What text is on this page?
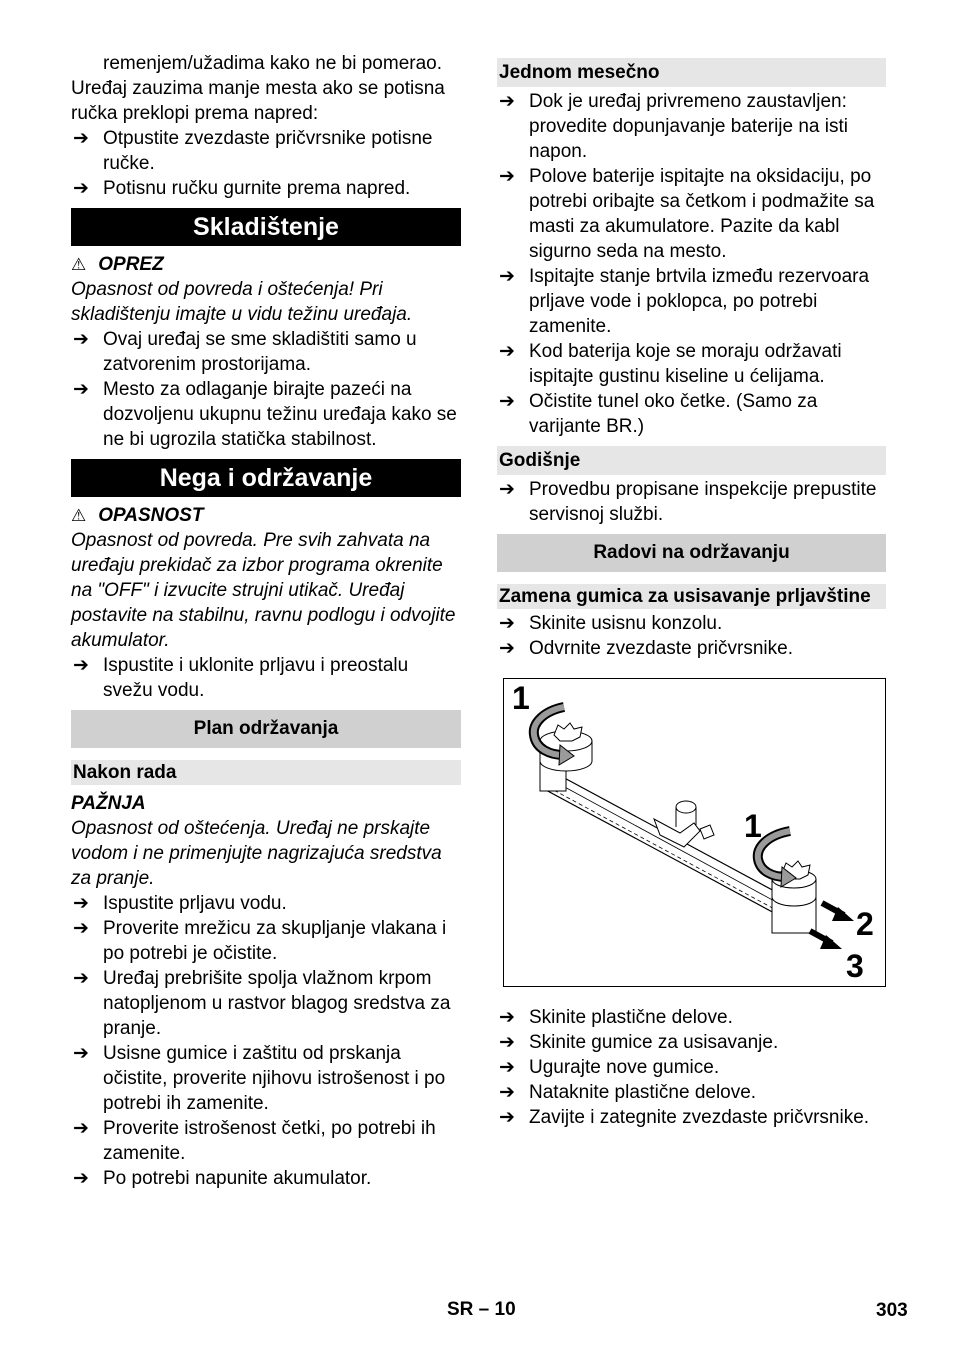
remenjem/užadima kako ne bi pomerao.

Uređaj zauzima manje mesta ako se potisna ručka preklopi prema napred:

➔ Otpustite zvezdaste pričvrsnike potisne ručke.
➔ Potisnu ručku gurnite prema napred.
Skladištenje

⚠ OPREZ

Opasnost od povreda i oštećenja! Pri skladištenju imajte u vidu težinu uređaja.

➔ Ovaj uređaj se sme skladištiti samo u zatvorenim prostorijama.
➔ Mesto za odlaganje birajte pazeći na dozvoljenu ukupnu težinu uređaja kako se ne bi ugrozila statička stabilnost.
Nega i održavanje

⚠ OPASNOST

Opasnost od povreda. Pre svih zahvata na uređaju prekidač za izbor programa okrenite na "OFF" i izvucite strujni utikač. Uređaj postavite na stabilnu, ravnu podlogu i odvojite akumulator.

➔ Ispustite i uklonite prljavu i preostalu svežu vodu.
Plan održavanja
Nakon rada

PAŽNJA

Opasnost od oštećenja. Uređaj ne prskajte vodom i ne primenjujte nagrizajuća sredstva za pranje.

➔ Ispustite prljavu vodu.
➔ Proverite mrežicu za skupljanje vlakana i po potrebi je očistite.
➔ Uređaj prebrišite spolja vlažnom krpom natopljenom u rastvor blagog sredstva za pranje.
➔ Usisne gumice i zaštitu od prskanja očistite, proverite njihovu istrošenost i po potrebi ih zamenite.
➔ Proverite istrošenost četki, po potrebi ih zamenite.
➔ Po potrebi napunite akumulator.
Jednom mesečno
➔ Dok je uređaj privremeno zaustavljen: provedite dopunjavanje baterije na isti napon.
➔ Polove baterije ispitajte na oksidaciju, po potrebi oribajte sa četkom i podmažite sa masti za akumulatore. Pazite da kabl sigurno seda na mesto.
➔ Ispitajte stanje brtvila između rezervoara prljave vode i poklopca, po potrebi zamenite.
➔ Kod baterija koje se moraju održavati ispitajte gustinu kiseline u ćelijama.
➔ Očistite tunel oko četke. (Samo za varijante BR.)
Godišnje
➔ Provedbu propisane inspekcije prepustite servisnoj službi.
Radovi na održavanju
Zamena gumica za usisavanje prljavštine
➔ Skinite usisnu konzolu.
➔ Odvrnite zvezdaste pričvrsnike.
1
1
2
3
➔ Skinite plastične delove.
➔ Skinite gumice za usisavanje.
➔ Ugurajte nove gumice.
➔ Nataknite plastične delove.
➔ Zavijte i zategnite zvezdaste pričvrsnike.
SR – 10	303
